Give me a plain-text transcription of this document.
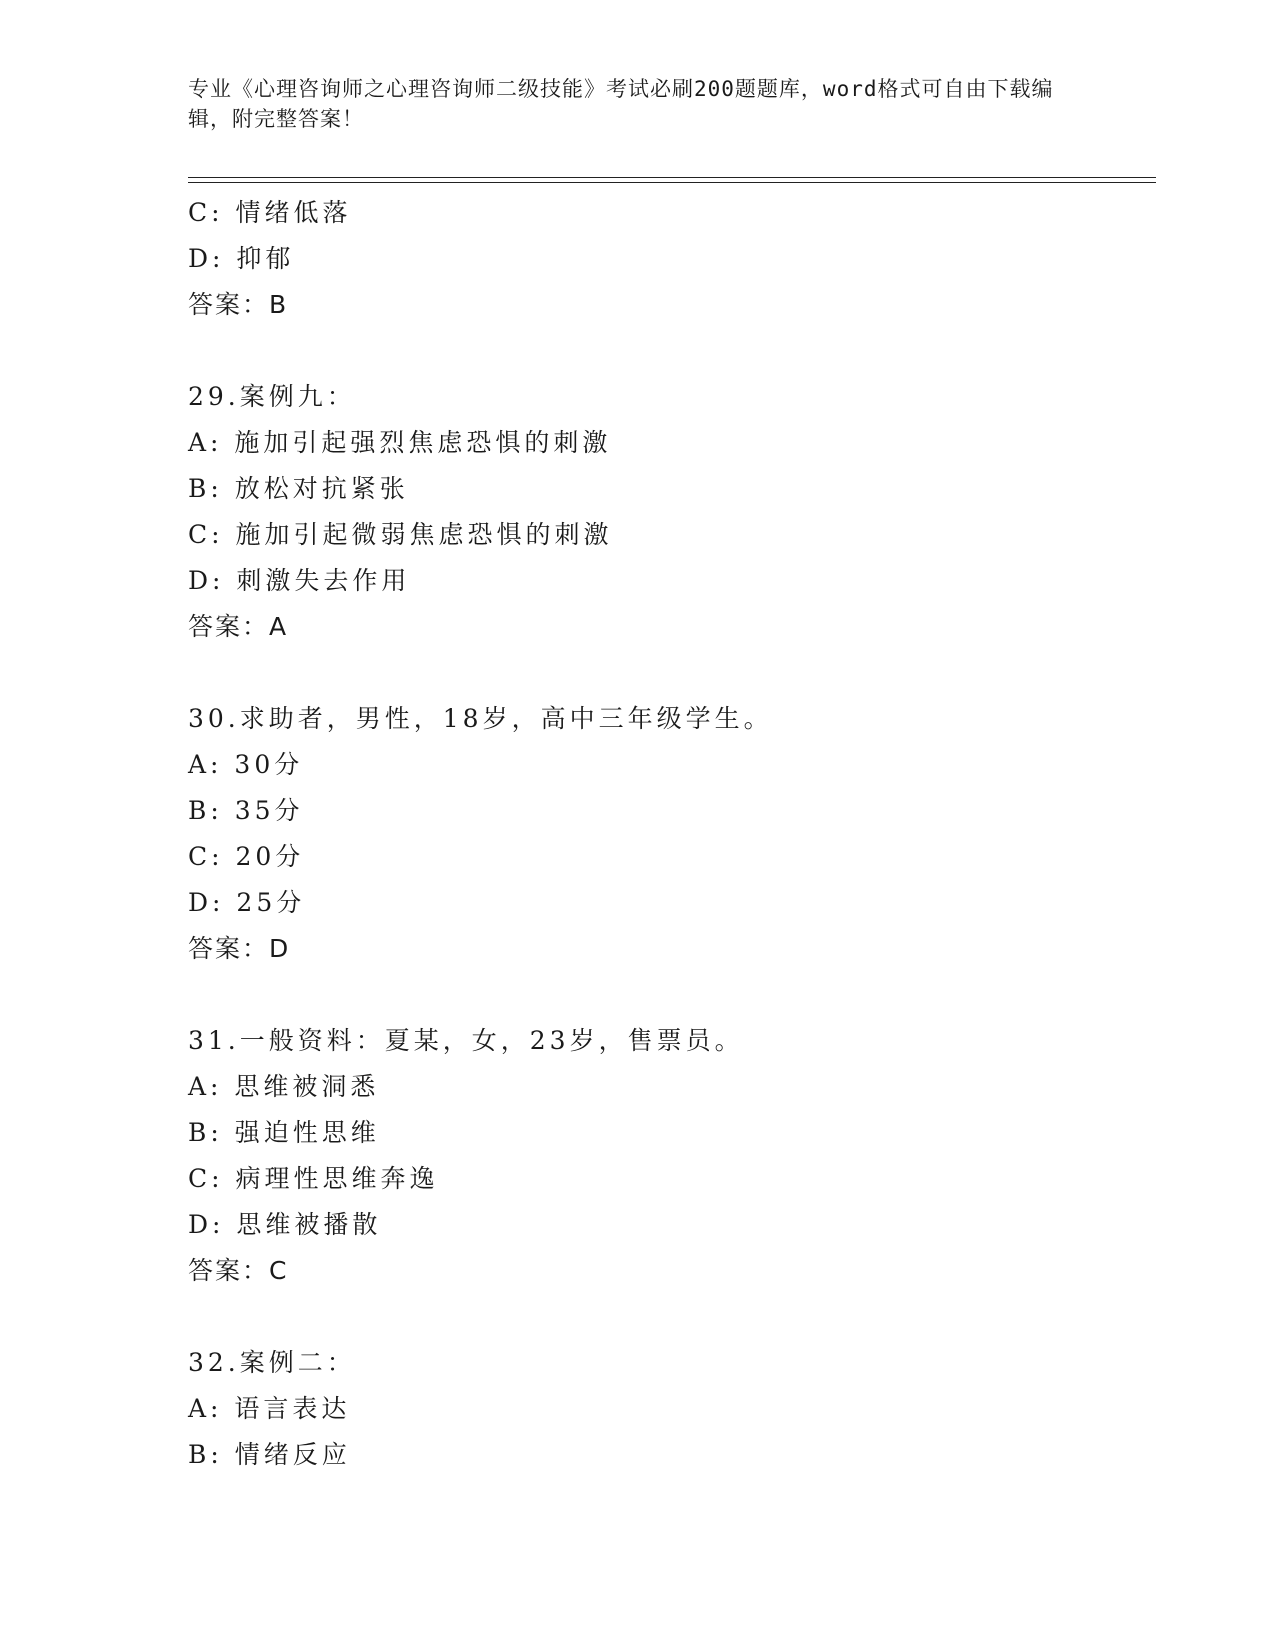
专业《心理咨询师之心理咨询师二级技能》考试必刷200题题库，word格式可自由下载编辑，附完整答案！
C: 情绪低落
D: 抑郁
答案：B
29.案例九：
A: 施加引起强烈焦虑恐惧的刺激
B: 放松对抗紧张
C: 施加引起微弱焦虑恐惧的刺激
D: 刺激失去作用
答案：A
30.求助者，男性，18岁，高中三年级学生。
A: 30分
B: 35分
C: 20分
D: 25分
答案：D
31.一般资料：夏某，女，23岁，售票员。
A: 思维被洞悉
B: 强迫性思维
C: 病理性思维奔逸
D: 思维被播散
答案：C
32.案例二：
A: 语言表达
B: 情绪反应
